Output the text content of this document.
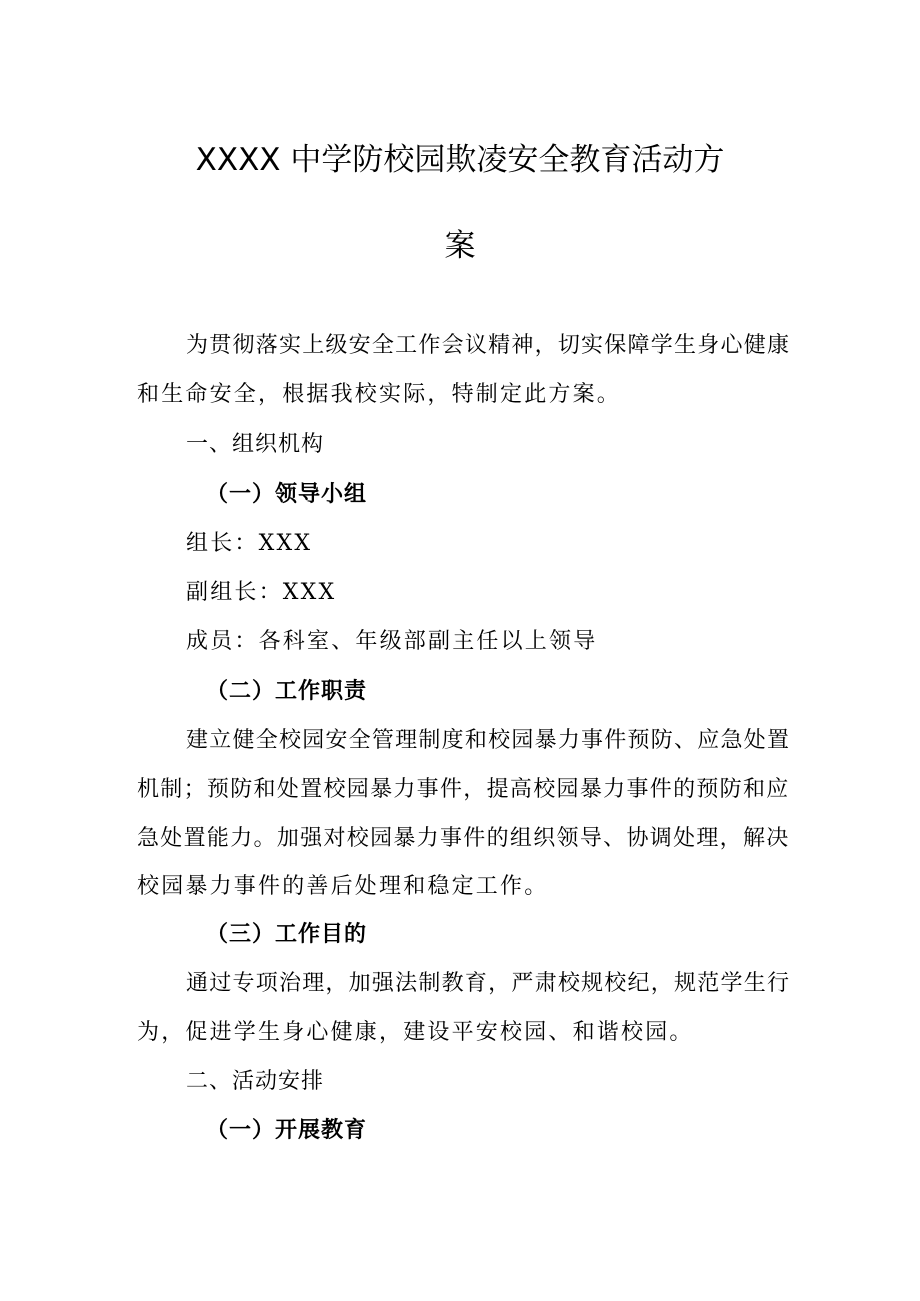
XXXX 中学防校园欺凌安全教育活动方
案
为贯彻落实上级安全工作会议精神，切实保障学生身心健康
和生命安全，根据我校实际，特制定此方案。
一、组织机构
（一）领导小组
组长：XXX
副组长：XXX
成员：各科室、年级部副主任以上领导
（二）工作职责
建立健全校园安全管理制度和校园暴力事件预防、应急处置
机制；预防和处置校园暴力事件，提高校园暴力事件的预防和应
急处置能力。加强对校园暴力事件的组织领导、协调处理，解决
校园暴力事件的善后处理和稳定工作。
（三）工作目的
通过专项治理，加强法制教育，严肃校规校纪，规范学生行
为，促进学生身心健康，建设平安校园、和谐校园。
二、活动安排
（一）开展教育
